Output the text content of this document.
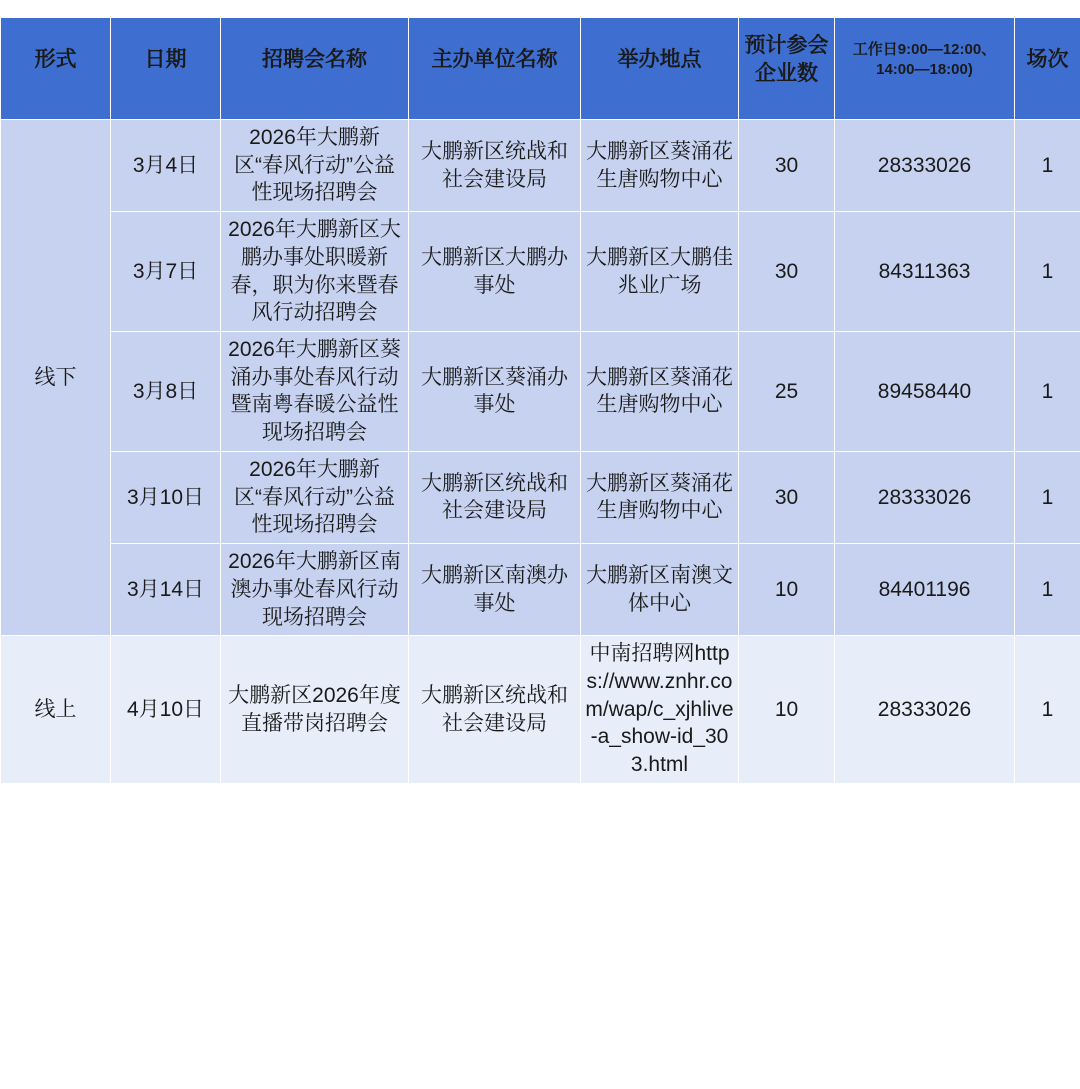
形式	日期	招聘会名称	主办单位名称	举办地点	预计参会企业数	工作日9:00—12:00、14:00—18:00)	场次
线下	3月4日	2026年大鹏新区“春风行动”公益性现场招聘会	大鹏新区统战和社会建设局	大鹏新区葵涌花生唐购物中心	30	28333026	1
	3月7日	2026年大鹏新区大鹏办事处职暖新春，职为你来暨春风行动招聘会	大鹏新区大鹏办事处	大鹏新区大鹏佳兆业广场	30	84311363	1
	3月8日	2026年大鹏新区葵涌办事处春风行动暨南粤春暖公益性现场招聘会	大鹏新区葵涌办事处	大鹏新区葵涌花生唐购物中心	25	89458440	1
	3月10日	2026年大鹏新区“春风行动”公益性现场招聘会	大鹏新区统战和社会建设局	大鹏新区葵涌花生唐购物中心	30	28333026	1
	3月14日	2026年大鹏新区南澳办事处春风行动现场招聘会	大鹏新区南澳办事处	大鹏新区南澳文体中心	10	84401196	1
线上	4月10日	大鹏新区2026年度直播带岗招聘会	大鹏新区统战和社会建设局	中南招聘网https://www.znhr.com/wap/c_xjhlive-a_show-id_303.html	10	28333026	1
